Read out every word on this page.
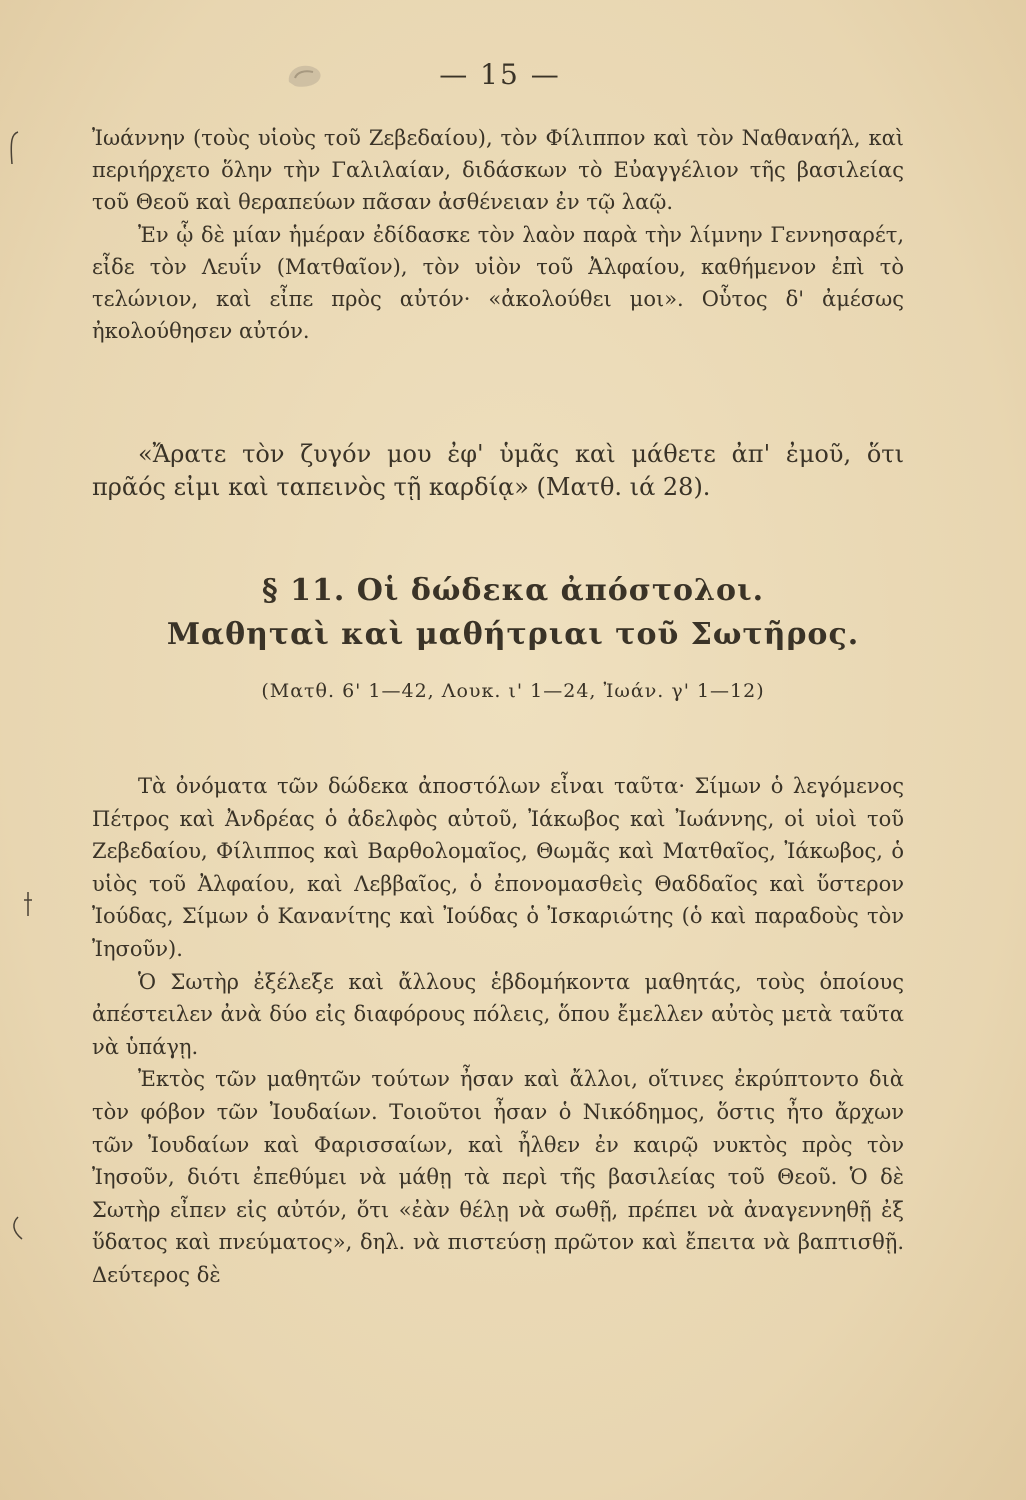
— 15 —

Ἰωάννην (τοὺς υἱοὺς τοῦ Ζεβεδαίου), τὸν Φίλιππον καὶ τὸν Ναθαναήλ, καὶ περιήρχετο ὅλην τὴν Γαλιλαίαν, διδάσκων τὸ Εὐαγγέλιον τῆς βασιλείας τοῦ Θεοῦ καὶ θεραπεύων πᾶσαν ἀσθένειαν ἐν τῷ λαῷ.

Ἐν ᾧ δὲ μίαν ἡμέραν ἐδίδασκε τὸν λαὸν παρὰ τὴν λίμνην Γεννησαρέτ, εἶδε τὸν Λευΐν (Ματθαῖον), τὸν υἱὸν τοῦ Ἀλφαίου, καθήμενον ἐπὶ τὸ τελώνιον, καὶ εἶπε πρὸς αὐτόν· «ἀκολούθει μοι». Οὗτος δ' ἀμέσως ἠκολούθησεν αὐτόν.

«Ἄρατε τὸν ζυγόν μου ἐφ' ὑμᾶς καὶ μάθετε ἀπ' ἐμοῦ, ὅτι πρᾶός εἰμι καὶ ταπεινὸς τῇ καρδίᾳ» (Ματθ. ιά 28).

§ 11. Οἱ δώδεκα ἀπόστολοι.
Μαθηταὶ καὶ μαθήτριαι τοῦ Σωτῆρος.
(Ματθ. 6' 1—42, Λουκ. ι' 1—24, Ἰωάν. γ' 1—12)

Τὰ ὀνόματα τῶν δώδεκα ἀποστόλων εἶναι ταῦτα· Σίμων ὁ λεγόμενος Πέτρος καὶ Ἀνδρέας ὁ ἀδελφὸς αὐτοῦ, Ἰάκωβος καὶ Ἰωάννης, οἱ υἱοὶ τοῦ Ζεβεδαίου, Φίλιππος καὶ Βαρθολομαῖος, Θωμᾶς καὶ Ματθαῖος, Ἰάκωβος, ὁ υἱὸς τοῦ Ἀλφαίου, καὶ Λεββαῖος, ὁ ἐπονομασθεὶς Θαδδαῖος καὶ ὕστερον Ἰούδας, Σίμων ὁ Κανανίτης καὶ Ἰούδας ὁ Ἰσκαριώτης (ὁ καὶ παραδοὺς τὸν Ἰησοῦν).

Ὁ Σωτὴρ ἐξέλεξε καὶ ἄλλους ἑβδομήκοντα μαθητάς, τοὺς ὁποίους ἀπέστειλεν ἀνὰ δύο εἰς διαφόρους πόλεις, ὅπου ἔμελλεν αὐτὸς μετὰ ταῦτα νὰ ὑπάγῃ.

Ἐκτὸς τῶν μαθητῶν τούτων ἦσαν καὶ ἄλλοι, οἵτινες ἐκρύπτοντο διὰ τὸν φόβον τῶν Ἰουδαίων. Τοιοῦτοι ἦσαν ὁ Νικόδημος, ὅστις ἦτο ἄρχων τῶν Ἰουδαίων καὶ Φαρισσαίων, καὶ ἦλθεν ἐν καιρῷ νυκτὸς πρὸς τὸν Ἰησοῦν, διότι ἐπεθύμει νὰ μάθῃ τὰ περὶ τῆς βασιλείας τοῦ Θεοῦ. Ὁ δὲ Σωτὴρ εἶπεν εἰς αὐτόν, ὅτι «ἐὰν θέλῃ νὰ σωθῇ, πρέπει νὰ ἀναγεννηθῇ ἐξ ὕδατος καὶ πνεύματος», δηλ. νὰ πιστεύσῃ πρῶτον καὶ ἔπειτα νὰ βαπτισθῇ. Δεύτερος δὲ
